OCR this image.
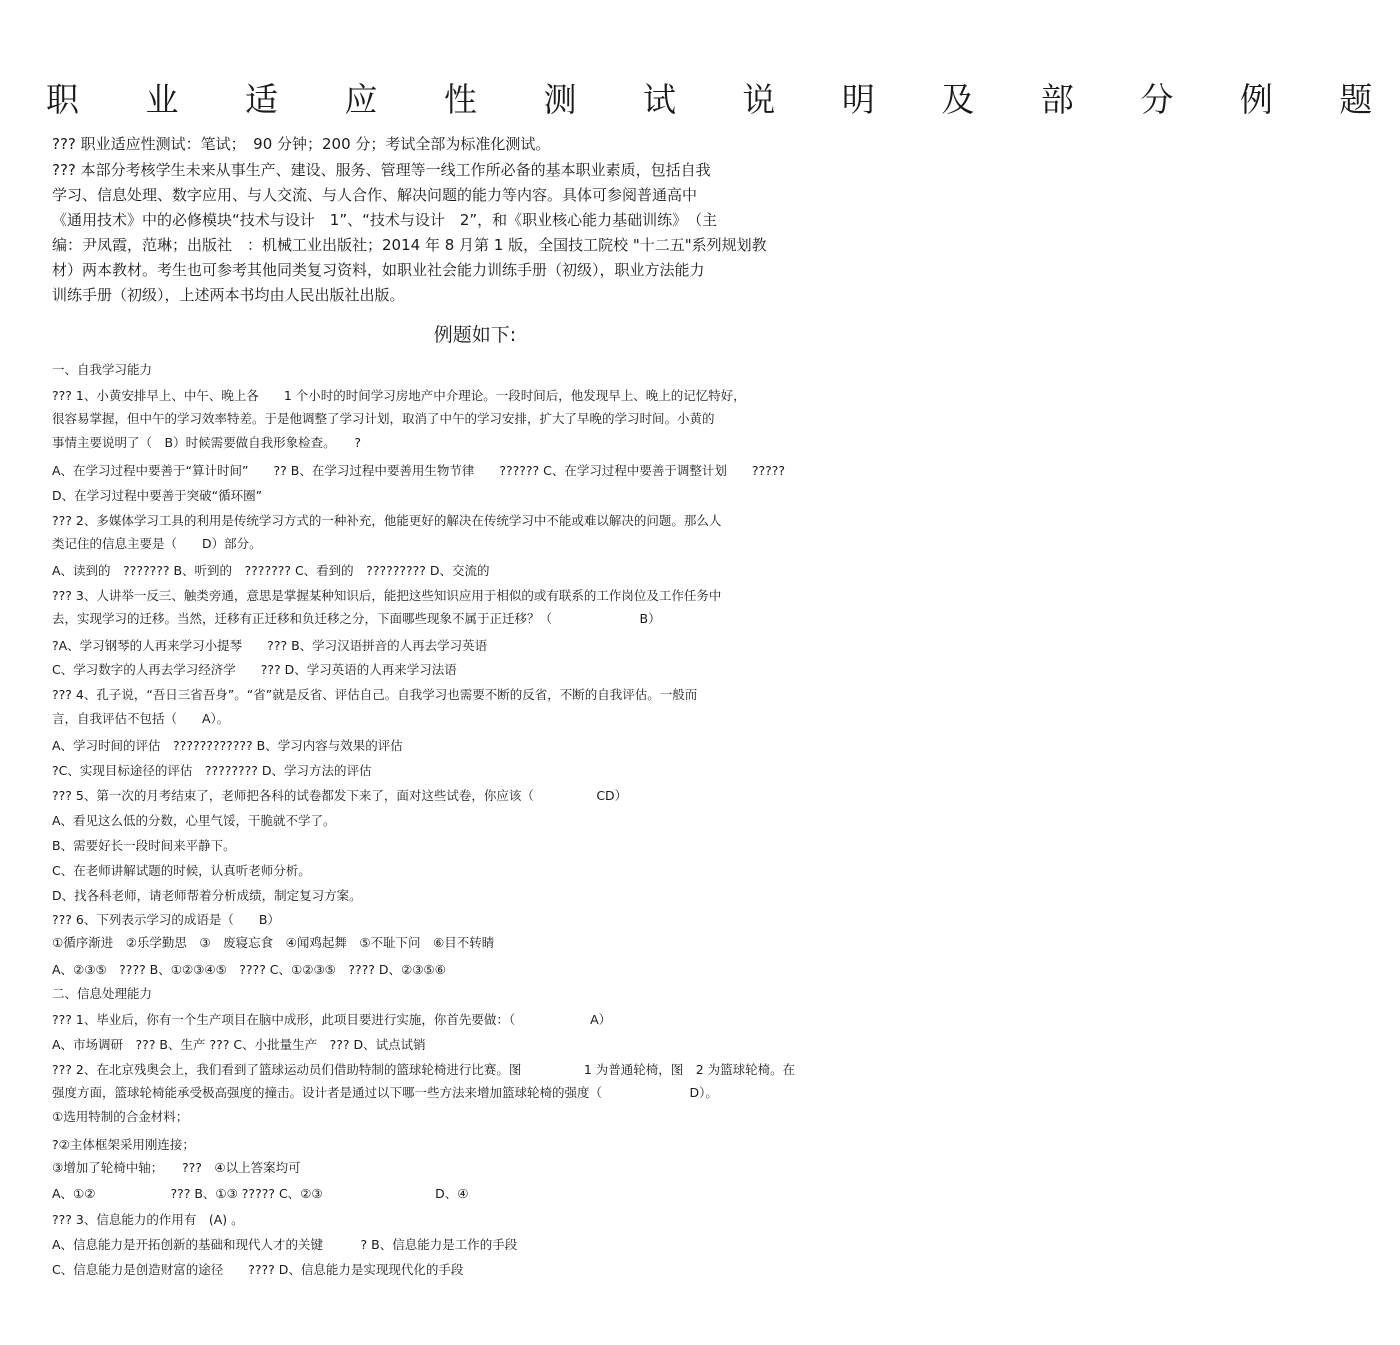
职 业 适 应 性 测 试 说 明 及 部 分 例 题
??? 职业适应性测试：笔试；　90 分钟；200 分；考试全部为标准化测试。
??? 本部分考核学生未来从事生产、建设、服务、管理等一线工作所必备的基本职业素质，包括自我
学习、信息处理、数字应用、与人交流、与人合作、解决问题的能力等内容。具体可参阅普通高中
《通用技术》中的必修模块“技术与设计　1”、“技术与设计　2”，和《职业核心能力基础训练》　（主
编：尹凤霞，范琳；出版社　：机械工业出版社；2014 年 8 月第 1 版，全国技工院校 "十二五"系列规划教
材）两本教材。考生也可参考其他同类复习资料，如职业社会能力训练手册（初级），职业方法能力
训练手册（初级），上述两本书均由人民出版社出版。
例题如下:
一、自我学习能力
??? 1、小黄安排早上、中午、晚上各　　1 个小时的时间学习房地产中介理论。一段时间后，他发现早上、晚上的记忆特好，
很容易掌握，但中午的学习效率特差。于是他调整了学习计划，取消了中午的学习安排，扩大了早晚的学习时间。小黄的
事情主要说明了（　B）时候需要做自我形象检查。　　?
A、在学习过程中要善于“算计时间”　　?? B、在学习过程中要善用生物节律　　?????? C、在学习过程中要善于调整计划　　?????
D、在学习过程中要善于突破“循环圈”
??? 2、多媒体学习工具的利用是传统学习方式的一种补充，他能更好的解决在传统学习中不能或难以解决的问题。那么人
类记住的信息主要是（　　D）部分。
A、读到的　??????? B、听到的　??????? C、看到的　????????? D、交流的
??? 3、人讲举一反三、触类旁通，意思是掌握某种知识后，能把这些知识应用于相似的或有联系的工作岗位及工作任务中
去，实现学习的迁移。当然，迁移有正迁移和负迁移之分，下面哪些现象不属于正迁移？（　　　　　　　B）
?A、学习钢琴的人再来学习小提琴　　??? B、学习汉语拼音的人再去学习英语
C、学习数字的人再去学习经济学　　??? D、学习英语的人再来学习法语
??? 4、孔子说，“吾日三省吾身”。“省”就是反省、评估自己。自我学习也需要不断的反省，不断的自我评估。一般而
言，自我评估不包括（　　A）。
A、学习时间的评估　???????????? B、学习内容与效果的评估
?C、实现目标途径的评估　???????? D、学习方法的评估
??? 5、第一次的月考结束了，老师把各科的试卷都发下来了，面对这些试卷，你应该（　　　　　CD）
A、看见这么低的分数，心里气馁，干脆就不学了。
B、需要好长一段时间来平静下。
C、在老师讲解试题的时候，认真听老师分析。
D、找各科老师，请老师帮着分析成绩，制定复习方案。
??? 6、下列表示学习的成语是（　　B）
①循序渐进　②乐学勤思　③　废寝忘食　④闻鸡起舞　⑤不耻下问　⑥目不转睛
A、②③⑤　???? B、①②③④⑤　???? C、①②③⑤　???? D、②③⑤⑥
二、信息处理能力
??? 1、毕业后，你有一个生产项目在脑中成形，此项目要进行实施，你首先要做：（　　　　　　A）
A、市场调研　??? B、生产 ??? C、小批量生产　??? D、试点试销
??? 2、在北京残奥会上，我们看到了篮球运动员们借助特制的篮球轮椅进行比赛。图　　　　　1 为普通轮椅，图　2 为篮球轮椅。在
强度方面，篮球轮椅能承受极高强度的撞击。设计者是通过以下哪一些方法来增加篮球轮椅的强度（　　　　　　　D）。
①选用特制的合金材料；
?②主体框架采用刚连接；
③增加了轮椅中轴；　　???　④以上答案均可
A、①②　　　　　　??? B、①③ ????? C、②③　　　　　　　　　D、④
??? 3、信息能力的作用有　(A) 。
A、信息能力是开拓创新的基础和现代人才的关键　　　? B、信息能力是工作的手段
C、信息能力是创造财富的途径　　???? D、信息能力是实现现代化的手段
